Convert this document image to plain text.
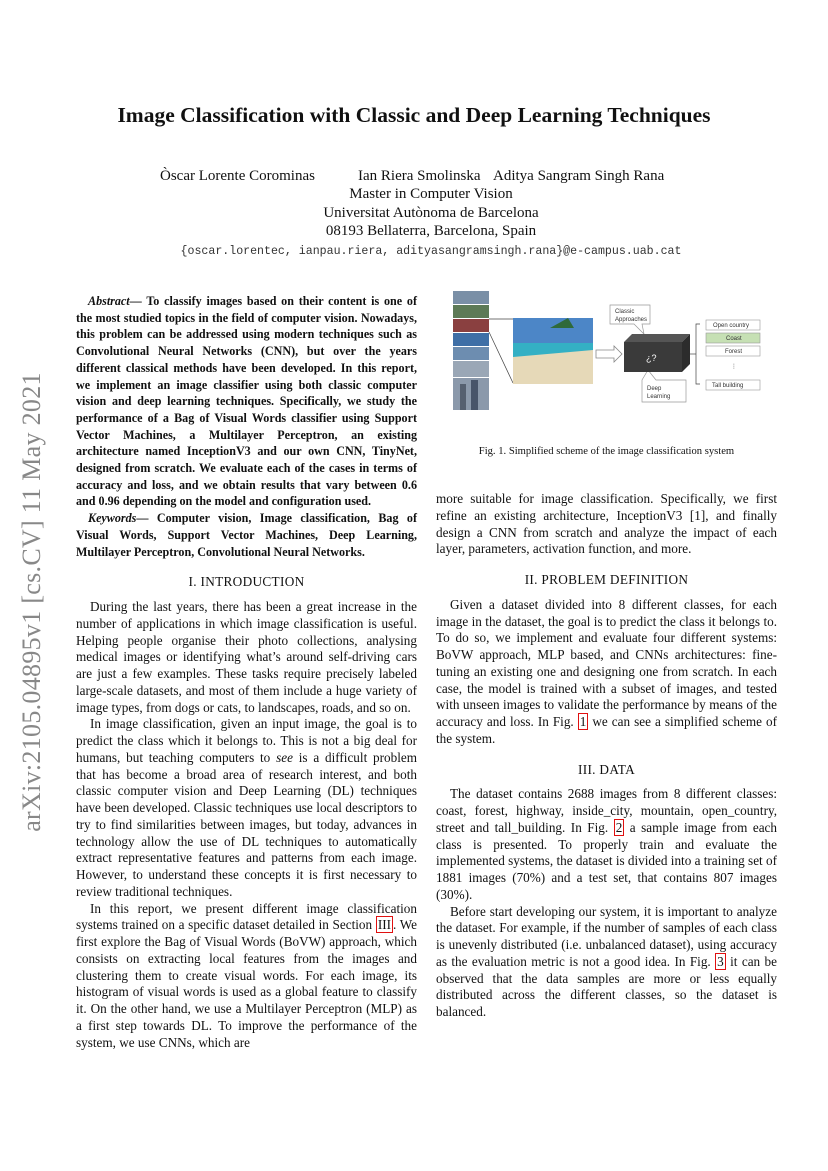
arXiv:2105.04895v1 [cs.CV] 11 May 2021
Image Classification with Classic and Deep Learning Techniques
Òscar Lorente Corominas	Ian Riera Smolinska Aditya Sangram Singh Rana
Master in Computer Vision
Universitat Autònoma de Barcelona
08193 Bellaterra, Barcelona, Spain
{oscar.lorentec, ianpau.riera, adityasangramsingh.rana}@e-campus.uab.cat

Abstract— To classify images based on their content is one of the most studied topics in the field of computer vision. Nowadays, this problem can be addressed using modern techniques such as Convolutional Neural Networks (CNN), but over the years different classical methods have been developed. In this report, we implement an image classifier using both classic computer vision and deep learning techniques. Specifically, we study the performance of a Bag of Visual Words classifier using Support Vector Machines, a Multilayer Perceptron, an existing architecture named InceptionV3 and our own CNN, TinyNet, designed from scratch. We evaluate each of the cases in terms of accuracy and loss, and we obtain results that vary between 0.6 and 0.96 depending on the model and configuration used.

Keywords— Computer vision, Image classification, Bag of Visual Words, Support Vector Machines, Deep Learning, Multilayer Perceptron, Convolutional Neural Networks.

I. INTRODUCTION

During the last years, there has been a great increase in the number of applications in which image classification is useful. Helping people organise their photo collections, analysing medical images or identifying what’s around self-driving cars are just a few examples. These tasks require precisely labeled large-scale datasets, and most of them include a huge variety of image types, from dogs or cats, to landscapes, roads, and so on.

In image classification, given an input image, the goal is to predict the class which it belongs to. This is not a big deal for humans, but teaching computers to see is a difficult problem that has become a broad area of research interest, and both classic computer vision and Deep Learning (DL) techniques have been developed. Classic techniques use local descriptors to try to find similarities between images, but today, advances in technology allow the use of DL techniques to automatically extract representative features and patterns from each image. However, to understand these concepts it is first necessary to review traditional techniques.

In this report, we present different image classification systems trained on a specific dataset detailed in Section III . We first explore the Bag of Visual Words (BoVW) approach, which consists on extracting local features from the images and clustering them to create visual words. For each image, its histogram of visual words is used as a global feature to classify it. On the other hand, we use a Multilayer Perceptron (MLP) as a first step towards DL. To improve the performance of the system, we use CNNs, which are

Classic
Approaches
Deep
Learning
¿?
Open country
Coast
Forest
⋮
Tall building
Fig. 1. Simplified scheme of the image classification system

more suitable for image classification. Specifically, we first refine an existing architecture, InceptionV3 [1], and finally design a CNN from scratch and analyze the impact of each layer, parameters, activation function, and more.

II. PROBLEM DEFINITION

Given a dataset divided into 8 different classes, for each image in the dataset, the goal is to predict the class it belongs to. To do so, we implement and evaluate four different systems: BoVW approach, MLP based, and CNNs architectures: fine-tuning an existing one and designing one from scratch. In each case, the model is trained with a subset of images, and tested with unseen images to validate the performance by means of the accuracy and loss. In Fig. 1 we can see a simplified scheme of the system.

III. DATA

The dataset contains 2688 images from 8 different classes: coast, forest, highway, inside_city, mountain, open_country, street and tall_building. In Fig. 2 a sample image from each class is presented. To properly train and evaluate the implemented systems, the dataset is divided into a training set of 1881 images (70%) and a test set, that contains 807 images (30%).

Before start developing our system, it is important to analyze the dataset. For example, if the number of samples of each class is unevenly distributed (i.e. unbalanced dataset), using accuracy as the evaluation metric is not a good idea. In Fig. 3 it can be observed that the data samples are more or less equally distributed across the different classes, so the dataset is balanced.
